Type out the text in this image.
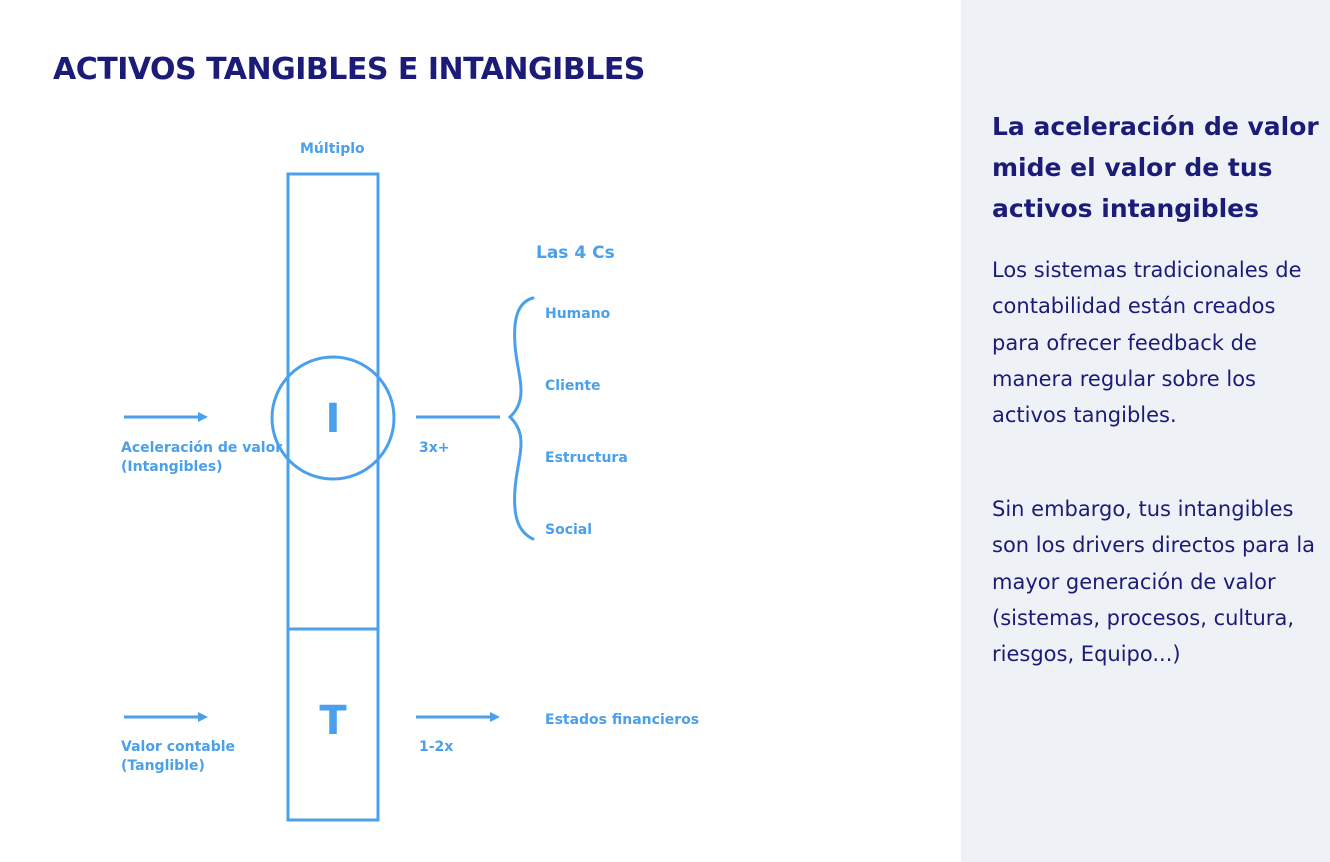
ACTIVOS TANGIBLES E INTANGIBLES
Múltiplo
I
T
Aceleración de valor
(Intangibles)
Valor contable
(Tanglible)
3x+
1-2x
Las 4 Cs
Humano
Cliente
Estructura
Social
Estados financieros
La aceleración de valor mide el valor de tus activos intangibles

Los sistemas tradicionales de contabilidad están creados para ofrecer feedback de manera regular sobre los activos tangibles.

Sin embargo, tus intangibles son los drivers directos para la mayor generación de valor (sistemas, procesos, cultura, riesgos, Equipo...)
